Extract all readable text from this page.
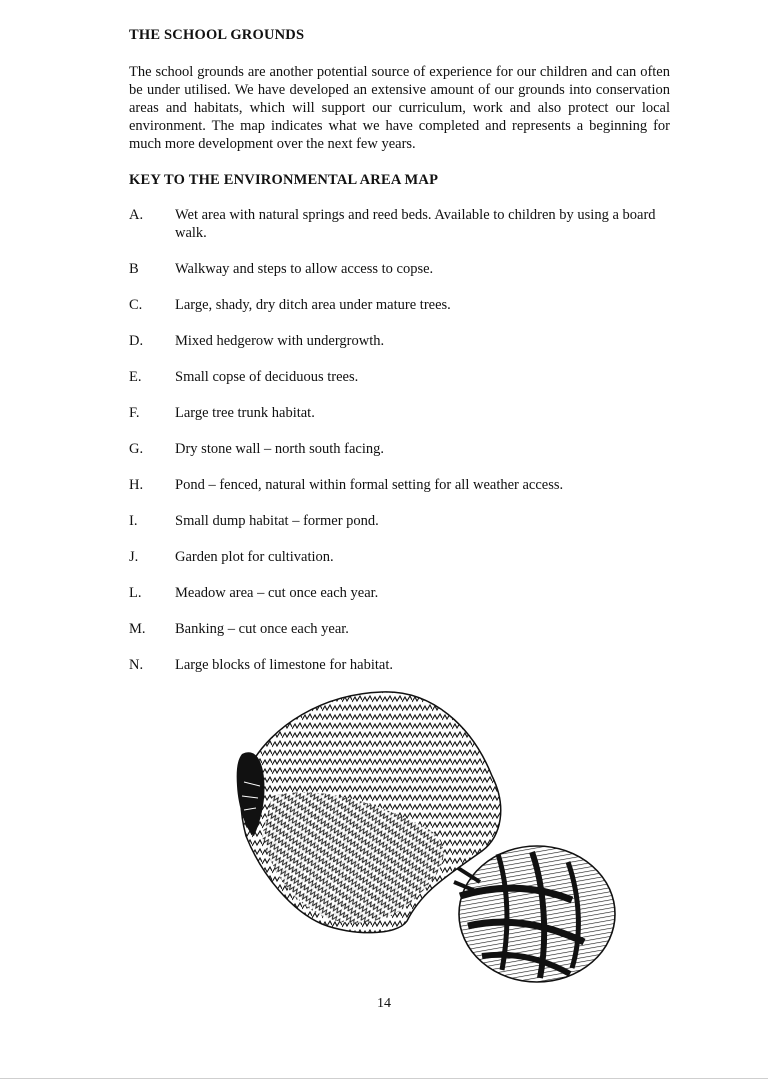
THE SCHOOL GROUNDS

The school grounds are another potential source of experience for our children and can often be under utilised. We have developed an extensive amount of our grounds into conservation areas and habitats, which will support our curriculum, work and also protect our local environment. The map indicates what we have completed and represents a beginning for much more development over the next few years.

KEY TO THE ENVIRONMENTAL AREA MAP
A.	Wet area with natural springs and reed beds. Available to children by using a board walk.
B	Walkway and steps to allow access to copse.
C.	Large, shady, dry ditch area under mature trees.
D.	Mixed hedgerow with undergrowth.
E.	Small copse of deciduous trees.
F.	Large tree trunk habitat.
G.	Dry stone wall – north south facing.
H.	Pond – fenced, natural within formal setting for all weather access.
I.	Small dump habitat – former pond.
J.	Garden plot for cultivation.
L.	Meadow area – cut once each year.
M.	Banking – cut once each year.
N.	Large blocks of limestone for habitat.

14
